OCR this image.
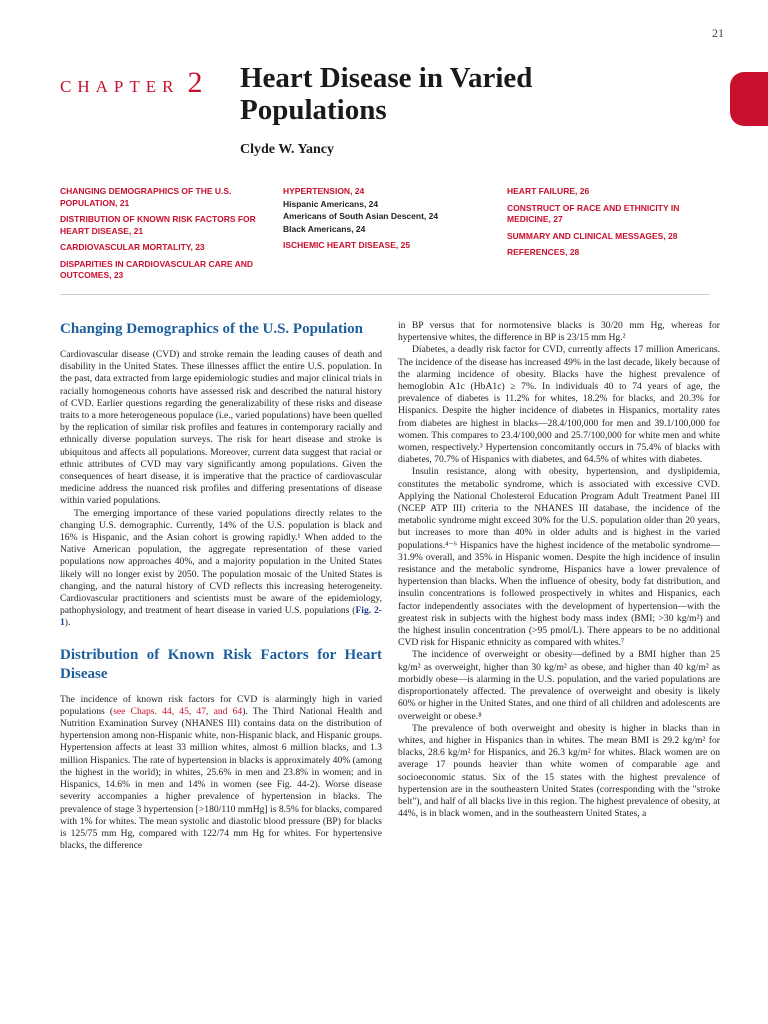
21
CHAPTER 2 Heart Disease in Varied Populations
Clyde W. Yancy
CHANGING DEMOGRAPHICS OF THE U.S. POPULATION, 21
DISTRIBUTION OF KNOWN RISK FACTORS FOR HEART DISEASE, 21
CARDIOVASCULAR MORTALITY, 23
DISPARITIES IN CARDIOVASCULAR CARE AND OUTCOMES, 23
HYPERTENSION, 24
Hispanic Americans, 24
Americans of South Asian Descent, 24
Black Americans, 24
ISCHEMIC HEART DISEASE, 25
HEART FAILURE, 26
CONSTRUCT OF RACE AND ETHNICITY IN MEDICINE, 27
SUMMARY AND CLINICAL MESSAGES, 28
REFERENCES, 28
Changing Demographics of the U.S. Population

Cardiovascular disease (CVD) and stroke remain the leading causes of death and disability in the United States. These illnesses afflict the entire U.S. population. In the past, data extracted from large epidemiologic studies and major clinical trials in racially homogeneous cohorts have assessed risk and described the natural history of CVD. Earlier questions regarding the generalizability of these risks and disease traits to a more heterogeneous populace (i.e., varied populations) have been quelled by the replication of similar risk profiles and features in contemporary racially and ethnically diverse population surveys. The risk for heart disease and stroke is ubiquitous and affects all populations. Moreover, current data suggest that racial or ethnic attributes of CVD may vary significantly among populations. Given the consequences of heart disease, it is imperative that the practice of cardiovascular medicine address the nuanced risk profiles and differing presentations of disease within varied populations.

The emerging importance of these varied populations directly relates to the changing U.S. demographic. Currently, 14% of the U.S. population is black and 16% is Hispanic, and the Asian cohort is growing rapidly.¹ When added to the Native American population, the aggregate representation of these varied populations now approaches 40%, and a majority population in the United States likely will no longer exist by 2050. The population mosaic of the United States is changing, and the natural history of CVD reflects this increasing heterogeneity. Cardiovascular practitioners and scientists must be aware of the epidemiology, pathophysiology, and treatment of heart disease in varied U.S. populations (Fig. 2-1).

Distribution of Known Risk Factors for Heart Disease

The incidence of known risk factors for CVD is alarmingly high in varied populations (see Chaps. 44, 45, 47, and 64). The Third National Health and Nutrition Examination Survey (NHANES III) contains data on the distribution of hypertension among non-Hispanic white, non-Hispanic black, and Hispanic groups. Hypertension affects at least 33 million whites, almost 6 million blacks, and 1.3 million Hispanics. The rate of hypertension in blacks is approximately 40% (among the highest in the world); in whites, 25.6% in men and 23.8% in women; and in Hispanics, 14.6% in men and 14% in women (see Fig. 44-2). Worse disease severity accompanies a higher prevalence of hypertension in blacks. The prevalence of stage 3 hypertension [>180/110 mmHg] is 8.5% for blacks, compared with 1% for whites. The mean systolic and diastolic blood pressure (BP) for blacks is 125/75 mm Hg, compared with 122/74 mm Hg for whites. For hypertensive blacks, the difference

in BP versus that for normotensive blacks is 30/20 mm Hg, whereas for hypertensive whites, the difference in BP is 23/15 mm Hg.²

Diabetes, a deadly risk factor for CVD, currently affects 17 million Americans. The incidence of the disease has increased 49% in the last decade, likely because of the alarming incidence of obesity. Blacks have the highest prevalence of hemoglobin A1c (HbA1c) ≥ 7%. In individuals 40 to 74 years of age, the prevalence of diabetes is 11.2% for whites, 18.2% for blacks, and 20.3% for Hispanics. Despite the higher incidence of diabetes in Hispanics, mortality rates from diabetes are highest in blacks—28.4/100,000 for men and 39.1/100,000 for women. This compares to 23.4/100,000 and 25.7/100,000 for white men and white women, respectively.³ Hypertension concomitantly occurs in 75.4% of blacks with diabetes, 70.7% of Hispanics with diabetes, and 64.5% of whites with diabetes.

Insulin resistance, along with obesity, hypertension, and dyslipidemia, constitutes the metabolic syndrome, which is associated with excessive CVD. Applying the National Cholesterol Education Program Adult Treatment Panel III (NCEP ATP III) criteria to the NHANES III database, the incidence of the metabolic syndrome might exceed 30% for the U.S. population older than 20 years, but increases to more than 40% in older adults and is highest in the varied populations.⁴⁻⁶ Hispanics have the highest incidence of the metabolic syndrome—31.9% overall, and 35% in Hispanic women. Despite the high incidence of insulin resistance and the metabolic syndrome, Hispanics have a lower prevalence of hypertension than blacks. When the influence of obesity, body fat distribution, and insulin concentrations is followed prospectively in whites and Hispanics, each factor independently associates with the development of hypertension—with the greatest risk in subjects with the highest body mass index (BMI; >30 kg/m²) and the highest insulin concentration (>95 pmol/L). There appears to be no additional CVD risk for Hispanic ethnicity as compared with whites.⁷

The incidence of overweight or obesity—defined by a BMI higher than 25 kg/m² as overweight, higher than 30 kg/m² as obese, and higher than 40 kg/m² as morbidly obese—is alarming in the U.S. population, and the varied populations are disproportionately affected. The prevalence of overweight and obesity is likely 60% or higher in the United States, and one third of all children and adolescents are overweight or obese.⁸

The prevalence of both overweight and obesity is higher in blacks than in whites, and higher in Hispanics than in whites. The mean BMI is 29.2 kg/m² for blacks, 28.6 kg/m² for Hispanics, and 26.3 kg/m² for whites. Black women are on average 17 pounds heavier than white women of comparable age and socioeconomic status. Six of the 15 states with the highest prevalence of hypertension are in the southeastern United States (corresponding with the "stroke belt"), and half of all blacks live in this region. The highest prevalence of obesity, at 44%, is in black women, and in the southeastern United States, a
